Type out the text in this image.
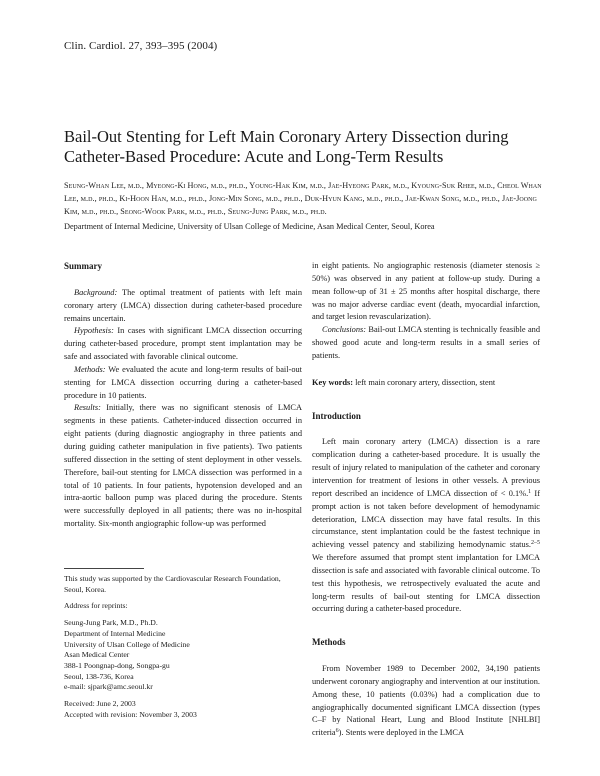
Clin. Cardiol. 27, 393–395 (2004)
Bail-Out Stenting for Left Main Coronary Artery Dissection during Catheter-Based Procedure: Acute and Long-Term Results
Seung-Whan Lee, m.d., Myeong-Ki Hong, m.d., ph.d., Young-Hak Kim, m.d., Jae-Hyeong Park, m.d., Kyoung-Suk Rhee, m.d., Cheol Whan Lee, m.d., ph.d., Ki-Hoon Han, m.d., ph.d., Jong-Min Song, m.d., ph.d., Duk-Hyun Kang, m.d., ph.d., Jae-Kwan Song, m.d., ph.d., Jae-Joong Kim, m.d., ph.d., Seong-Wook Park, m.d., ph.d., Seung-Jung Park, m.d., ph.d.
Department of Internal Medicine, University of Ulsan College of Medicine, Asan Medical Center, Seoul, Korea
Summary

Background: The optimal treatment of patients with left main coronary artery (LMCA) dissection during catheter-based procedure remains uncertain.

Hypothesis: In cases with significant LMCA dissection occurring during catheter-based procedure, prompt stent implantation may be safe and associated with favorable clinical outcome.

Methods: We evaluated the acute and long-term results of bail-out stenting for LMCA dissection occurring during a catheter-based procedure in 10 patients.

Results: Initially, there was no significant stenosis of LMCA segments in these patients. Catheter-induced dissection occurred in eight patients (during diagnostic angiography in three patients and during guiding catheter manipulation in five patients). Two patients suffered dissection in the setting of stent deployment in other vessels. Therefore, bail-out stenting for LMCA dissection was performed in a total of 10 patients. In four patients, hypotension developed and an intra-aortic balloon pump was placed during the procedure. Stents were successfully deployed in all patients; there was no in-hospital mortality. Six-month angiographic follow-up was performed

This study was supported by the Cardiovascular Research Foundation, Seoul, Korea.

Address for reprints:

Seung-Jung Park, M.D., Ph.D.
Department of Internal Medicine
University of Ulsan College of Medicine
Asan Medical Center
388-1 Poongnap-dong, Songpa-gu
Seoul, 138-736, Korea
e-mail: sjpark@amc.seoul.kr

Received: June 2, 2003

Accepted with revision: November 3, 2003

in eight patients. No angiographic restenosis (diameter stenosis ≥ 50%) was observed in any patient at follow-up study. During a mean follow-up of 31 ± 25 months after hospital discharge, there was no major adverse cardiac event (death, myocardial infarction, and target lesion revascularization).

Conclusions: Bail-out LMCA stenting is technically feasible and showed good acute and long-term results in a small series of patients.

Key words: left main coronary artery, dissection, stent

Introduction

Left main coronary artery (LMCA) dissection is a rare complication during a catheter-based procedure. It is usually the result of injury related to manipulation of the catheter and coronary intervention for treatment of lesions in other vessels. A previous report described an incidence of LMCA dissection of < 0.1%.$^1$ If prompt action is not taken before development of hemodynamic deterioration, LMCA dissection may have fatal results. In this circumstance, stent implantation could be the fastest technique in achieving vessel patency and stabilizing hemodynamic status.$^{2-5}$ We therefore assumed that prompt stent implantation for LMCA dissection is safe and associated with favorable clinical outcome. To test this hypothesis, we retrospectively evaluated the acute and long-term results of bail-out stenting for LMCA dissection occurring during a catheter-based procedure.

Methods

From November 1989 to December 2002, 34,190 patients underwent coronary angiography and intervention at our institution. Among these, 10 patients (0.03%) had a complication due to angiographically documented significant LMCA dissection (types C–F by National Heart, Lung and Blood Institute [NHLBI] criteria$^6$). Stents were deployed in the LMCA
